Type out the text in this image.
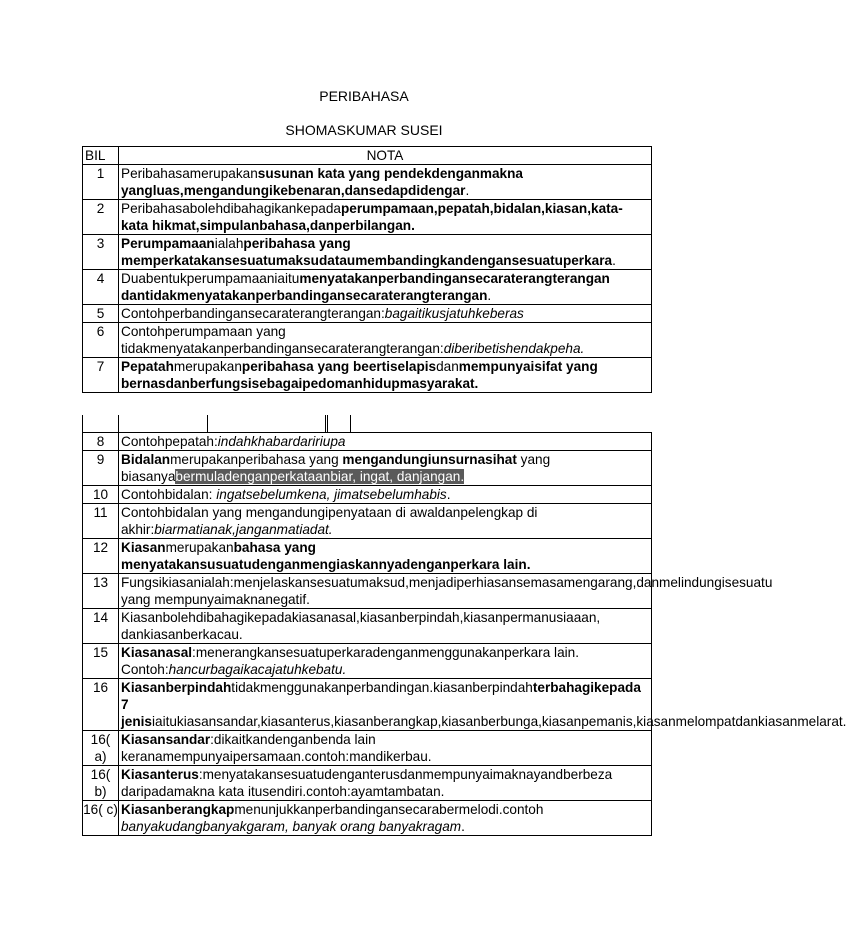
PERIBAHASA
SHOMASKUMAR SUSEI
BIL	NOTA
1	Peribahasamerupakansusunan kata yang pendekdenganmakna yangluas,mengandungikebenaran,dansedapdidengar.
2	Peribahasabolehdibahagikankepadaperumpamaan,pepatah,bidalan,kiasan,kata-kata hikmat,simpulanbahasa,danperbilangan.
3	Perumpamaanialahperibahasa yang memperkatakansesuatumaksudataumembandingkandengansesuatuperkara.
4	Duabentukperumpamaaniaitumenyatakanperbandingansecaraterangterangan dantidakmenyatakanperbandingansecaraterangterangan.
5	Contohperbandingansecaraterangterangan:bagaitikusjatuhkeberas
6	Contohperumpamaan yang tidakmenyatakanperbandingansecaraterangterangan:diberibetishendakpeha.
7	Pepatahmerupakanperibahasa yang beertiselapisdanmempunyaisifat yang bernasdanberfungsisebagaipedomanhidupmasyarakat.
8	Contohpepatah:indahkhabardaririupa
9	Bidalanmerupakanperibahasa yang mengandungiunsurnasihat yang biasanyabermuladenganperkataanbiar, ingat, danjangan.
10	Contohbidalan: ingatsebelumkena, jimatsebelumhabis.
11	Contohbidalan yang mengandungipenyataan di awaldanpelengkap di akhir:biarmatianak,janganmatiadat.
12	Kiasanmerupakanbahasa yang menyatakansusuatudenganmengiaskannyadenganperkara lain.
13	Fungsikiasanialah:menjelaskansesuatumaksud,menjadiperhiasansemasamengarang,danmelindungisesuatu yang mempunyaimaknanegatif.
14	Kiasanbolehdibahagikepadakiasanasal,kiasanberpindah,kiasanpermanusiaaan, dankiasanberkacau.
15	Kiasanasal:menerangkansesuatuperkaradenganmenggunakanperkara lain. Contoh:hancurbagaikacajatuhkebatu.
16	Kiasanberpindahtidakmenggunakanperbandingan.kiasanberpindahterbahagikepada 7 jenisiaitukiasansandar,kiasanterus,kiasanberangkap,kiasanberbunga,kiasanpemanis,kiasanmelompatdankiasanmelarat.
16( a)	Kiasansandar:dikaitkandenganbenda lain keranamempunyaipersamaan.contoh:mandikerbau.
16( b)	Kiasanterus:menyatakansesuatudenganterusdanmempunyaimaknayandberbeza daripadamakna kata itusendiri.contoh:ayamtambatan.
16( c)	Kiasanberangkapmenunjukkanperbandingansecarabermelodi.contoh banyakudangbanyakgaram, banyak orang banyakragam.
